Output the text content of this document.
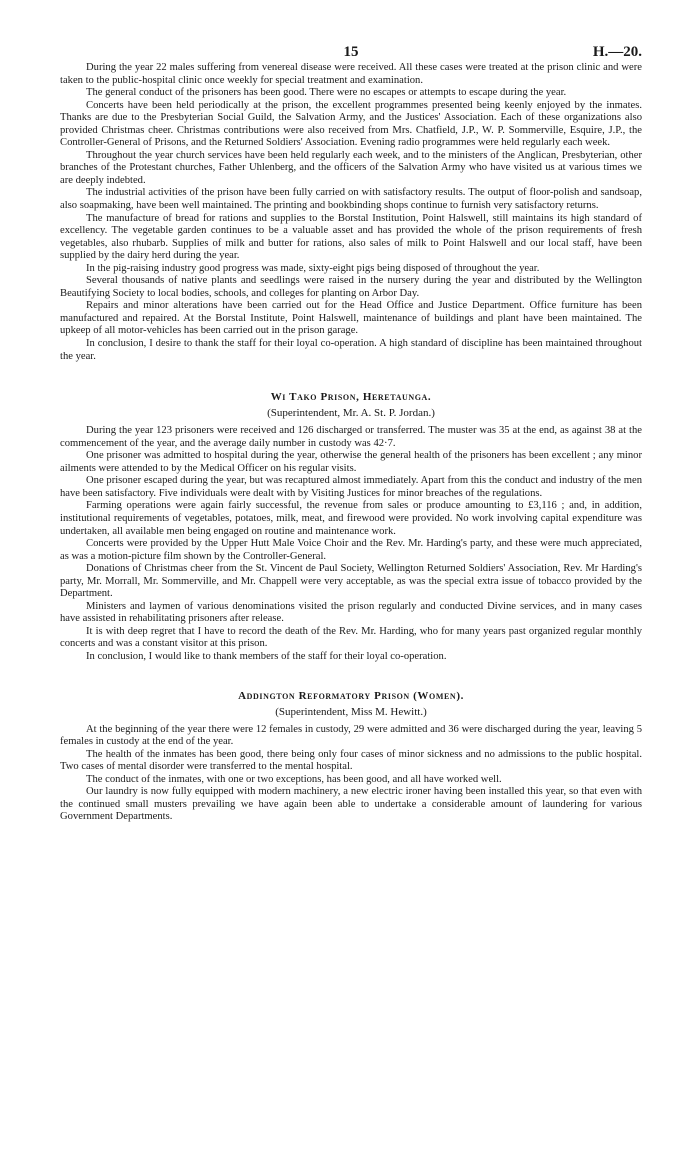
15	H.—20.

During the year 22 males suffering from venereal disease were received. All these cases were treated at the prison clinic and were taken to the public-hospital clinic once weekly for special treatment and examination.

The general conduct of the prisoners has been good. There were no escapes or attempts to escape during the year.

Concerts have been held periodically at the prison, the excellent programmes presented being keenly enjoyed by the inmates. Thanks are due to the Presbyterian Social Guild, the Salvation Army, and the Justices' Association. Each of these organizations also provided Christmas cheer. Christmas contributions were also received from Mrs. Chatfield, J.P., W. P. Sommerville, Esquire, J.P., the Controller-General of Prisons, and the Returned Soldiers' Association. Evening radio programmes were held regularly each week.

Throughout the year church services have been held regularly each week, and to the ministers of the Anglican, Presbyterian, other branches of the Protestant churches, Father Uhlenberg, and the officers of the Salvation Army who have visited us at various times we are deeply indebted.

The industrial activities of the prison have been fully carried on with satisfactory results. The output of floor-polish and sandsoap, also soapmaking, have been well maintained. The printing and bookbinding shops continue to furnish very satisfactory returns.

The manufacture of bread for rations and supplies to the Borstal Institution, Point Halswell, still maintains its high standard of excellency. The vegetable garden continues to be a valuable asset and has provided the whole of the prison requirements of fresh vegetables, also rhubarb. Supplies of milk and butter for rations, also sales of milk to Point Halswell and our local staff, have been supplied by the dairy herd during the year.

In the pig-raising industry good progress was made, sixty-eight pigs being disposed of throughout the year.

Several thousands of native plants and seedlings were raised in the nursery during the year and distributed by the Wellington Beautifying Society to local bodies, schools, and colleges for planting on Arbor Day.

Repairs and minor alterations have been carried out for the Head Office and Justice Department. Office furniture has been manufactured and repaired. At the Borstal Institute, Point Halswell, maintenance of buildings and plant have been maintained. The upkeep of all motor-vehicles has been carried out in the prison garage.

In conclusion, I desire to thank the staff for their loyal co-operation. A high standard of discipline has been maintained throughout the year.

Wi Tako Prison, Heretaunga.
(Superintendent, Mr. A. St. P. Jordan.)

During the year 123 prisoners were received and 126 discharged or transferred. The muster was 35 at the end, as against 38 at the commencement of the year, and the average daily number in custody was 42·7.

One prisoner was admitted to hospital during the year, otherwise the general health of the prisoners has been excellent ; any minor ailments were attended to by the Medical Officer on his regular visits.

One prisoner escaped during the year, but was recaptured almost immediately. Apart from this the conduct and industry of the men have been satisfactory. Five individuals were dealt with by Visiting Justices for minor breaches of the regulations.

Farming operations were again fairly successful, the revenue from sales or produce amounting to £3,116 ; and, in addition, institutional requirements of vegetables, potatoes, milk, meat, and firewood were provided. No work involving capital expenditure was undertaken, all available men being engaged on routine and maintenance work.

Concerts were provided by the Upper Hutt Male Voice Choir and the Rev. Mr. Harding's party, and these were much appreciated, as was a motion-picture film shown by the Controller-General.

Donations of Christmas cheer from the St. Vincent de Paul Society, Wellington Returned Soldiers' Association, Rev. Mr Harding's party, Mr. Morrall, Mr. Sommerville, and Mr. Chappell were very acceptable, as was the special extra issue of tobacco provided by the Department.

Ministers and laymen of various denominations visited the prison regularly and conducted Divine services, and in many cases have assisted in rehabilitating prisoners after release.

It is with deep regret that I have to record the death of the Rev. Mr. Harding, who for many years past organized regular monthly concerts and was a constant visitor at this prison.

In conclusion, I would like to thank members of the staff for their loyal co-operation.

Addington Reformatory Prison (Women).
(Superintendent, Miss M. Hewitt.)

At the beginning of the year there were 12 females in custody, 29 were admitted and 36 were discharged during the year, leaving 5 females in custody at the end of the year.

The health of the inmates has been good, there being only four cases of minor sickness and no admissions to the public hospital. Two cases of mental disorder were transferred to the mental hospital.

The conduct of the inmates, with one or two exceptions, has been good, and all have worked well.

Our laundry is now fully equipped with modern machinery, a new electric ironer having been installed this year, so that even with the continued small musters prevailing we have again been able to undertake a considerable amount of laundering for various Government Departments.
